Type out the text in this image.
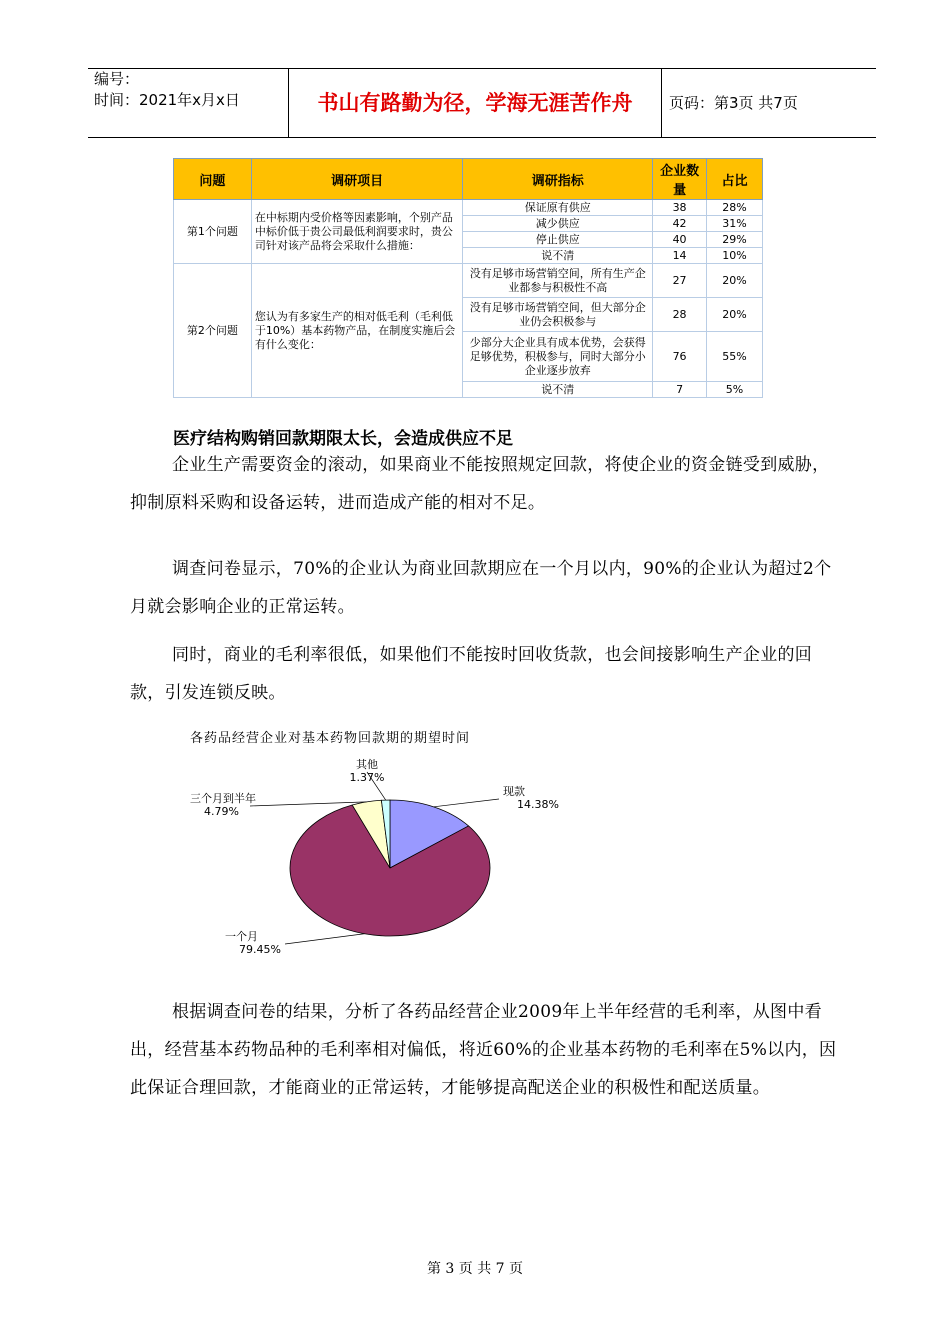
编号：
时间：2021年x月x日	书山有路勤为径，学海无涯苦作舟	页码：第3页 共7页
问题	调研项目	调研指标	企业数量	占比
第1个问题	在中标期内受价格等因素影响，个别产品中标价低于贵公司最低利润要求时，贵公司针对该产品将会采取什么措施：	保证原有供应	38	28%
		减少供应	42	31%
		停止供应	40	29%
		说不清	14	10%
第2个问题	您认为有多家生产的相对低毛利（毛利低于10%）基本药物产品，在制度实施后会有什么变化：	没有足够市场营销空间，所有生产企业都参与积极性不高	27	20%
		没有足够市场营销空间，但大部分企业仍会积极参与	28	20%
		少部分大企业具有成本优势，会获得足够优势，积极参与，同时大部分小企业逐步放弃	76	55%
		说不清	7	5%
医疗结构购销回款期限太长，会造成供应不足

企业生产需要资金的滚动，如果商业不能按照规定回款，将使企业的资金链受到威胁，抑制原料采购和设备运转，进而造成产能的相对不足。

调查问卷显示，70%的企业认为商业回款期应在一个月以内，90%的企业认为超过2个月就会影响企业的正常运转。

同时，商业的毛利率很低，如果他们不能按时回收货款，也会间接影响生产企业的回款，引发连锁反映。

各药品经营企业对基本药物回款期的期望时间
现款
14.38%
一个月
79.45%
三个月到半年
4.79%
其他
1.37%

根据调查问卷的结果，分析了各药品经营企业2009年上半年经营的毛利率，从图中看出，经营基本药物品种的毛利率相对偏低，将近60%的企业基本药物的毛利率在5%以内，因此保证合理回款，才能商业的正常运转，才能够提高配送企业的积极性和配送质量。

第 3 页 共 7 页
